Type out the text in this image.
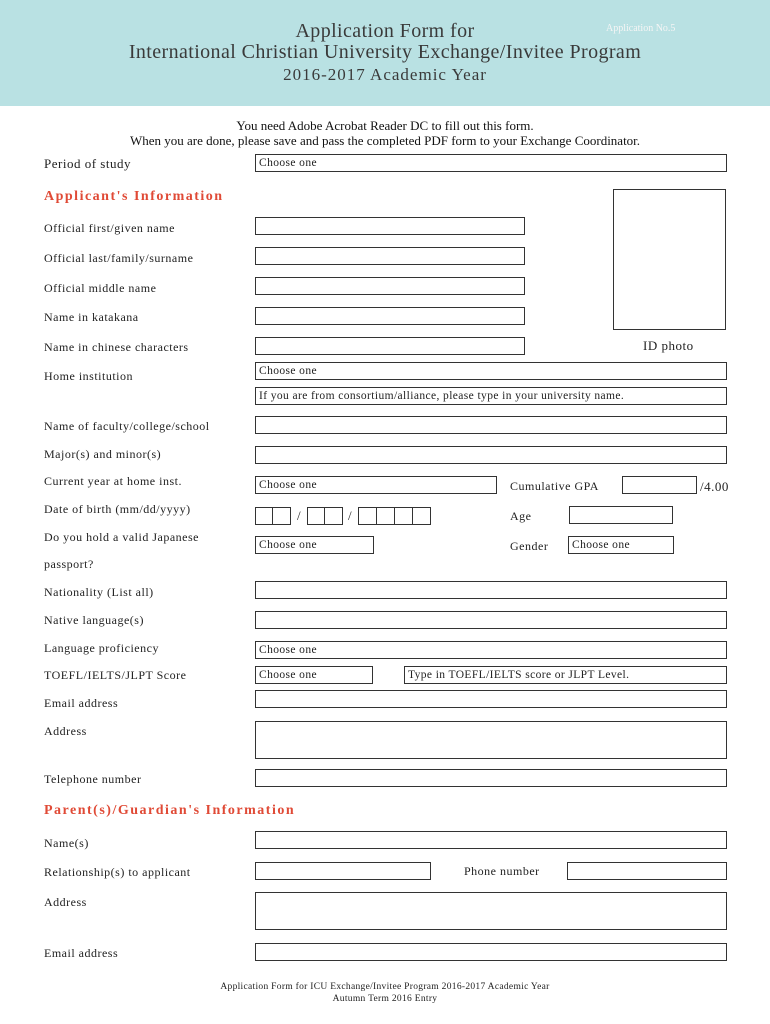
Application No.5
Application Form for
International Christian University Exchange/Invitee Program
2016-2017 Academic Year
You need Adobe Acrobat Reader DC to fill out this form.
When you are done, please save and pass the completed PDF form to your Exchange Coordinator.
Period of study	Choose one
Applicant's Information
ID photo
Official first/given name
Official last/family/surname
Official middle name
Name in katakana
Name in chinese characters
Home institution	Choose one
If you are from consortium/alliance, please type in your university name.
Name of faculty/college/school
Major(s) and minor(s)
Current year at home inst.	Choose one	Cumulative GPA	/4.00
Date of birth (mm/dd/yyyy)	/	/	Age
Do you hold a valid Japanese
passport?
Choose one	Gender	Choose one
Nationality (List all)
Native language(s)
Language proficiency	Choose one
TOEFL/IELTS/JLPT Score	Choose one	Type in TOEFL/IELTS score or JLPT Level.
Email address
Address
Telephone number
Parent(s)/Guardian's Information
Name(s)
Relationship(s) to applicant	Phone number
Address
Email address
Application Form for ICU Exchange/Invitee Program 2016-2017 Academic Year
Autumn Term 2016 Entry
